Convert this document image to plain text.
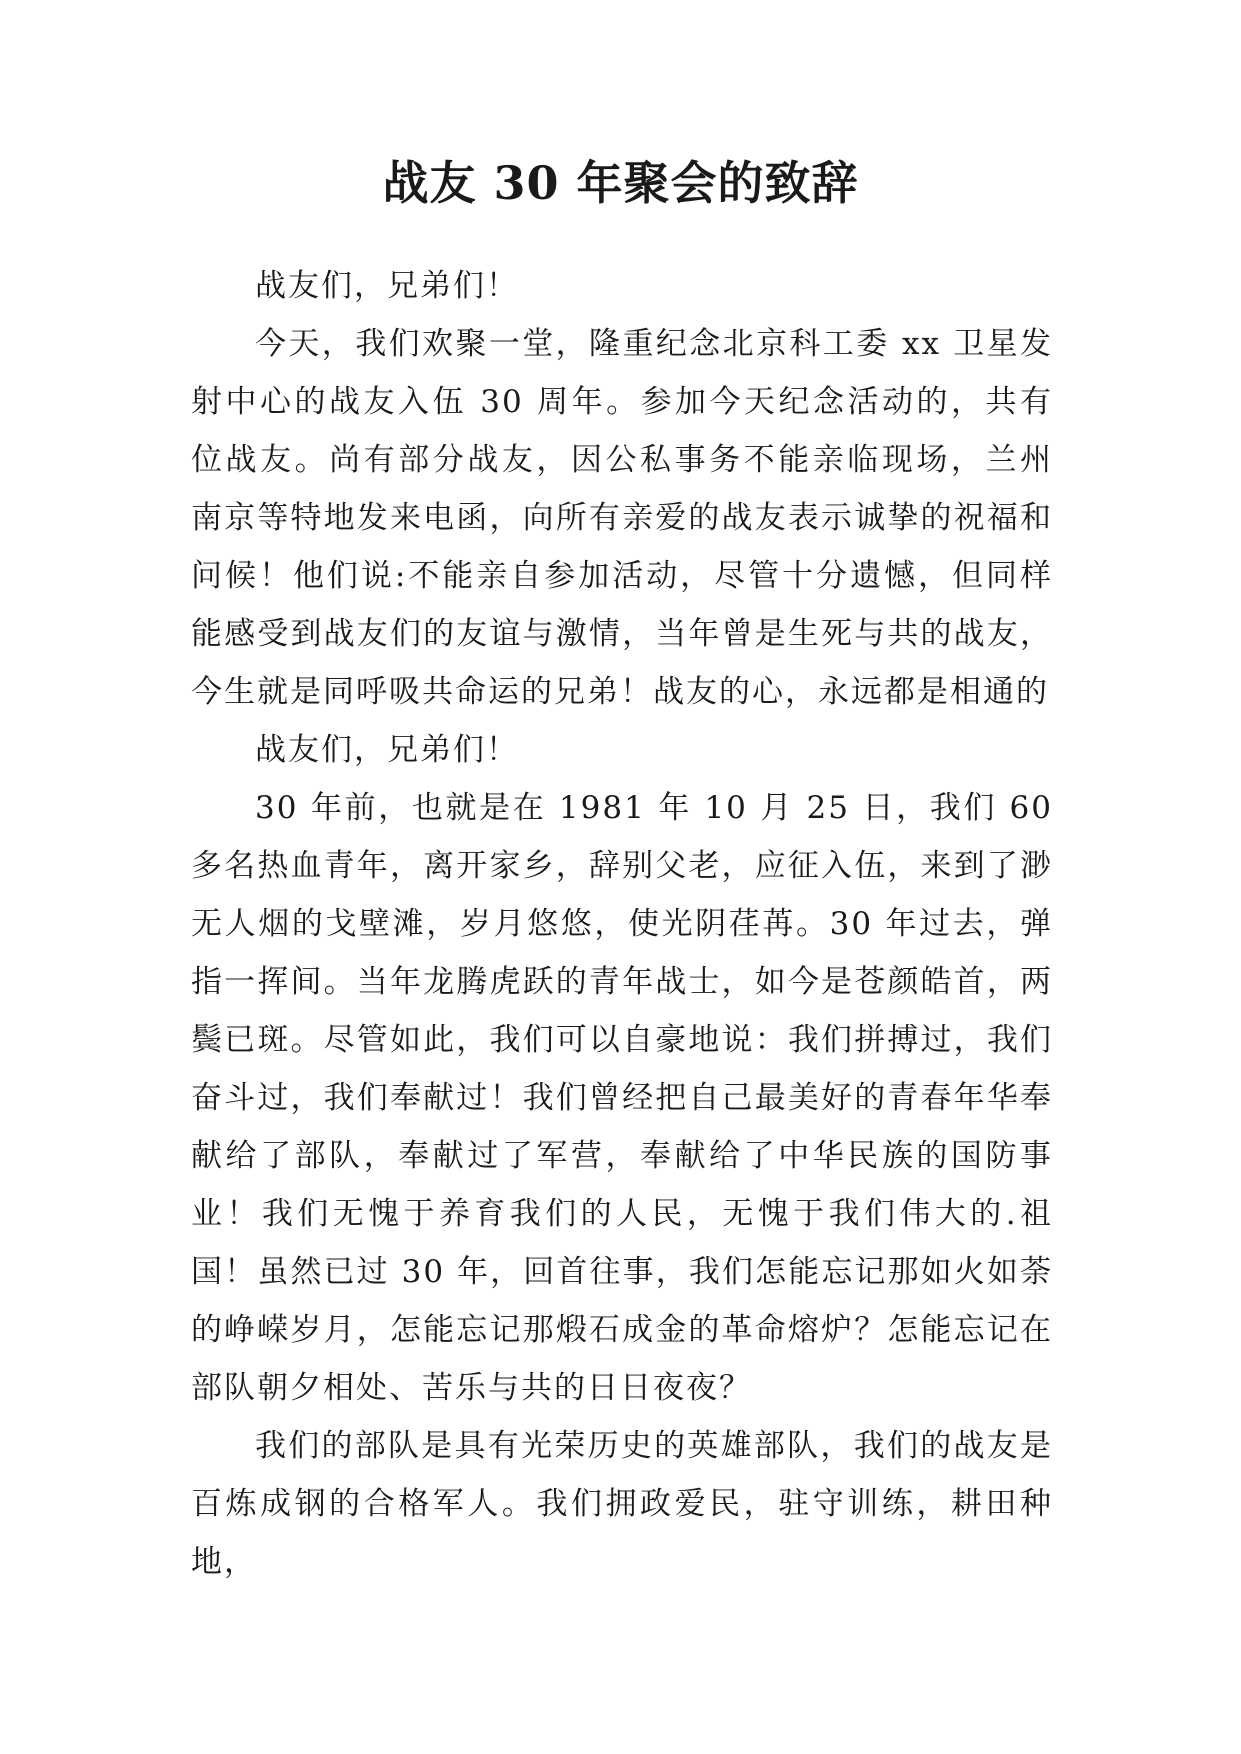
战友 30 年聚会的致辞

战友们，兄弟们！

今天，我们欢聚一堂，隆重纪念北京科工委 xx 卫星发射中心的战友入伍 30 周年。参加今天纪念活动的，共有 位战友。尚有部分战友，因公私事务不能亲临现场，兰州 南京等特地发来电函，向所有亲爱的战友表示诚挚的祝福和问候！他们说:不能亲自参加活动，尽管十分遗憾，但同样能感受到战友们的友谊与激情，当年曾是生死与共的战友，今生就是同呼吸共命运的兄弟！战友的心，永远都是相通的

战友们，兄弟们！

30 年前，也就是在 1981 年 10 月 25 日，我们 60 多名热血青年，离开家乡，辞别父老，应征入伍，来到了渺无人烟的戈壁滩，岁月悠悠，使光阴荏苒。30 年过去，弹指一挥间。当年龙腾虎跃的青年战士，如今是苍颜皓首，两鬓已斑。尽管如此，我们可以自豪地说：我们拼搏过，我们奋斗过，我们奉献过！我们曾经把自己最美好的青春年华奉献给了部队，奉献过了军营，奉献给了中华民族的国防事业！我们无愧于养育我们的人民，无愧于我们伟大的.祖国！虽然已过 30 年，回首往事，我们怎能忘记那如火如荼的峥嵘岁月，怎能忘记那煅石成金的革命熔炉？怎能忘记在部队朝夕相处、苦乐与共的日日夜夜？

我们的部队是具有光荣历史的英雄部队，我们的战友是百炼成钢的合格军人。我们拥政爱民，驻守训练，耕田种地，
